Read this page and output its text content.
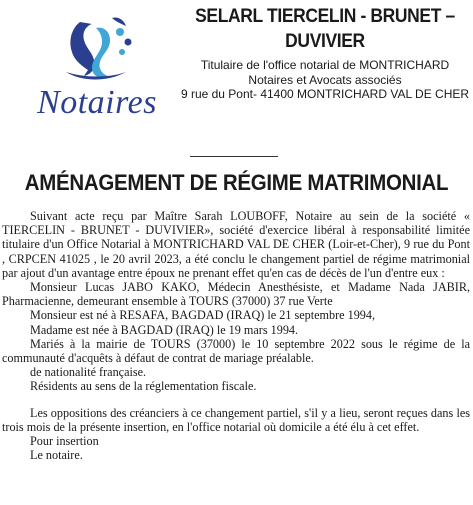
Notaires

SELARL TIERCELIN - BRUNET – DUVIVIER

Titulaire de l'office notarial de MONTRICHARD

Notaires et Avocats associés

9 rue du Pont- 41400 MONTRICHARD VAL DE CHER

AMÉNAGEMENT DE RÉGIME MATRIMONIAL

Suivant acte reçu par Maître Sarah LOUBOFF, Notaire au sein de la société « TIERCELIN - BRUNET - DUVIVIER», société d'exercice libéral à responsabilité limitée titulaire d'un Office Notarial à MONTRICHARD VAL DE CHER (Loir-et-Cher), 9 rue du Pont , CRPCEN 41025 , le 20 avril 2023, a été conclu le changement partiel de régime matrimonial par ajout d'un avantage entre époux ne prenant effet qu'en cas de décès de l'un d'entre eux :

Monsieur Lucas JABO KAKO, Médecin Anesthésiste, et Madame Nada JABIR, Pharmacienne, demeurant ensemble à TOURS (37000) 37 rue Verte

Monsieur est né à RESAFA, BAGDAD (IRAQ) le 21 septembre 1994,

Madame est née à BAGDAD (IRAQ) le 19 mars 1994.

Mariés à la mairie de TOURS (37000) le 10 septembre 2022 sous le régime de la communauté d'acquêts à défaut de contrat de mariage préalable.

de nationalité française.

Résidents au sens de la réglementation fiscale.

Les oppositions des créanciers à ce changement partiel, s'il y a lieu, seront reçues dans les trois mois de la présente insertion, en l'office notarial où domicile a été élu à cet effet.

Pour insertion

Le notaire.
